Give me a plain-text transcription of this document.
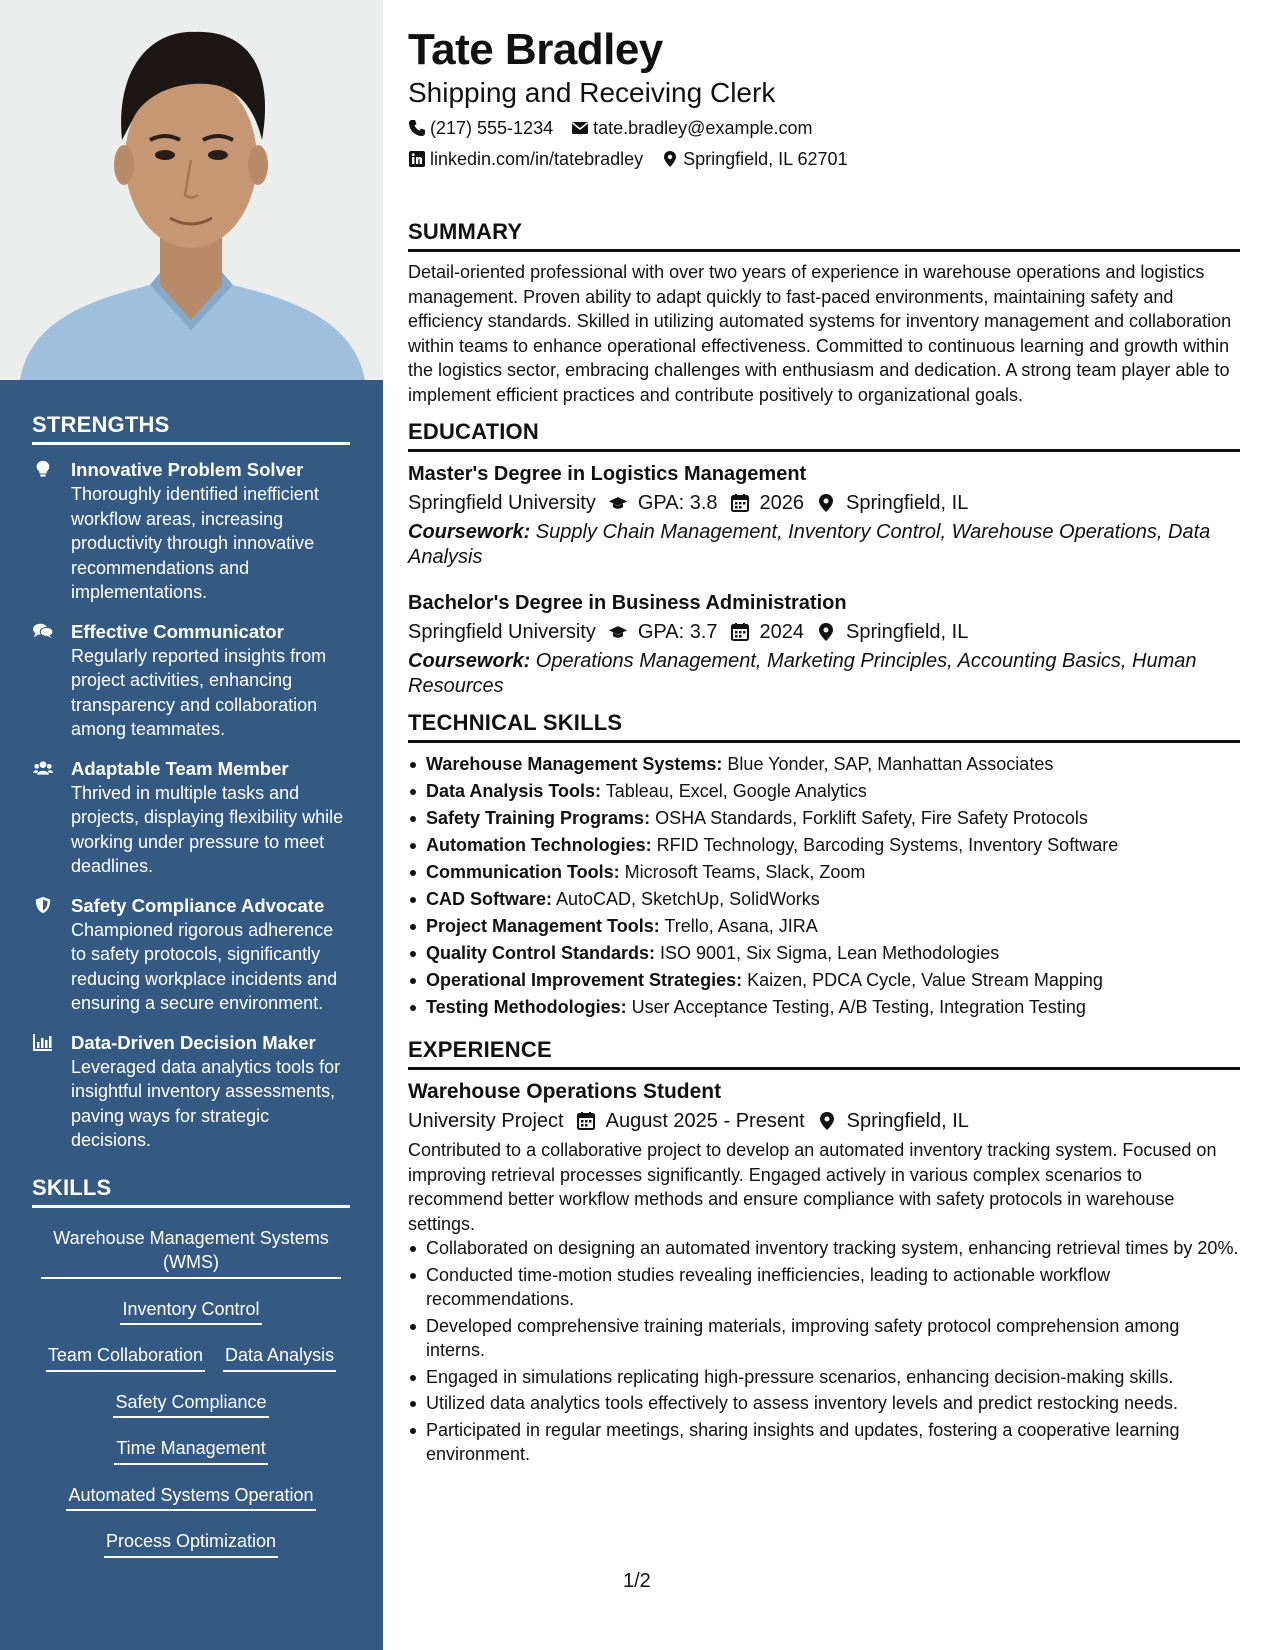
STRENGTHS
Innovative Problem Solver
Thoroughly identified inefficient workflow areas, increasing productivity through innovative recommendations and implementations.
Effective Communicator
Regularly reported insights from project activities, enhancing transparency and collaboration among teammates.
Adaptable Team Member
Thrived in multiple tasks and projects, displaying flexibility while working under pressure to meet deadlines.
Safety Compliance Advocate
Championed rigorous adherence to safety protocols, significantly reducing workplace incidents and ensuring a secure environment.
Data-Driven Decision Maker
Leveraged data analytics tools for insightful inventory assessments, paving ways for strategic decisions.
SKILLS
Warehouse Management Systems (WMS)
Inventory Control
Team Collaboration Data Analysis
Safety Compliance
Time Management
Automated Systems Operation
Process Optimization
Tate Bradley
Shipping and Receiving Clerk
(217) 555-1234 tate.bradley@example.com
linkedin.com/in/tatebradley Springfield, IL 62701
SUMMARY
Detail-oriented professional with over two years of experience in warehouse operations and logistics management. Proven ability to adapt quickly to fast-paced environments, maintaining safety and efficiency standards. Skilled in utilizing automated systems for inventory management and collaboration within teams to enhance operational effectiveness. Committed to continuous learning and growth within the logistics sector, embracing challenges with enthusiasm and dedication. A strong team player able to implement efficient practices and contribute positively to organizational goals.
EDUCATION
Master's Degree in Logistics Management
Springfield University GPA: 3.8 2026 Springfield, IL
Coursework: Supply Chain Management, Inventory Control, Warehouse Operations, Data Analysis
Bachelor's Degree in Business Administration
Springfield University GPA: 3.7 2024 Springfield, IL
Coursework: Operations Management, Marketing Principles, Accounting Basics, Human Resources
TECHNICAL SKILLS
Warehouse Management Systems: Blue Yonder, SAP, Manhattan Associates
Data Analysis Tools: Tableau, Excel, Google Analytics
Safety Training Programs: OSHA Standards, Forklift Safety, Fire Safety Protocols
Automation Technologies: RFID Technology, Barcoding Systems, Inventory Software
Communication Tools: Microsoft Teams, Slack, Zoom
CAD Software: AutoCAD, SketchUp, SolidWorks
Project Management Tools: Trello, Asana, JIRA
Quality Control Standards: ISO 9001, Six Sigma, Lean Methodologies
Operational Improvement Strategies: Kaizen, PDCA Cycle, Value Stream Mapping
Testing Methodologies: User Acceptance Testing, A/B Testing, Integration Testing
EXPERIENCE
Warehouse Operations Student
University Project August 2025 - Present Springfield, IL
Contributed to a collaborative project to develop an automated inventory tracking system. Focused on improving retrieval processes significantly. Engaged actively in various complex scenarios to recommend better workflow methods and ensure compliance with safety protocols in warehouse settings.
Collaborated on designing an automated inventory tracking system, enhancing retrieval times by 20%.
Conducted time-motion studies revealing inefficiencies, leading to actionable workflow recommendations.
Developed comprehensive training materials, improving safety protocol comprehension among interns.
Engaged in simulations replicating high-pressure scenarios, enhancing decision-making skills.
Utilized data analytics tools effectively to assess inventory levels and predict restocking needs.
Participated in regular meetings, sharing insights and updates, fostering a cooperative learning environment.
1/2
